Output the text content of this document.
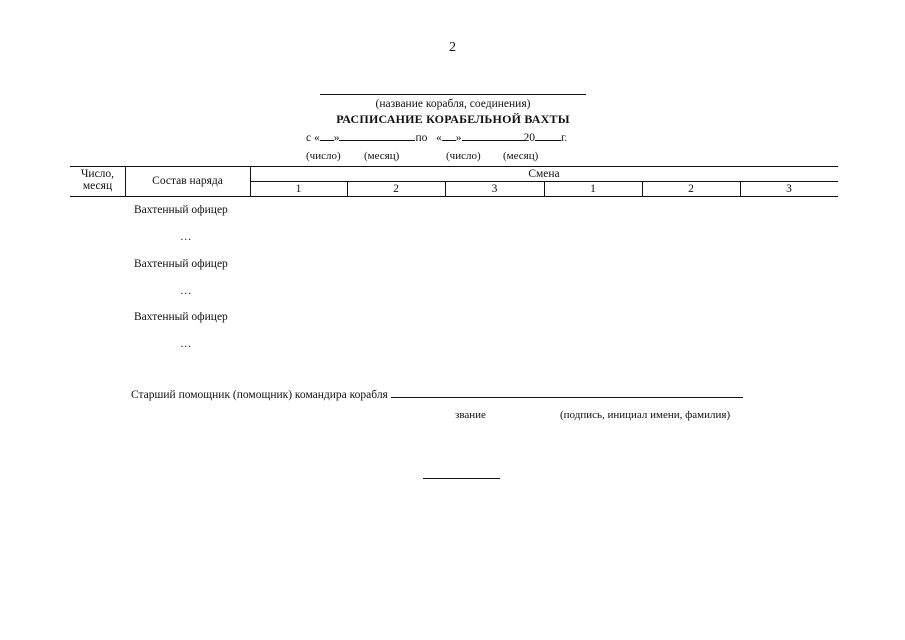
2
(название корабля, соединения)
РАСПИСАНИЕ КОРАБЕЛЬНОЙ ВАХТЫ
с « »	по « »	20 г.
(число) (месяц)	(число) (месяц)
Число,
месяц	Состав наряда
Смена
1	2	3	1	2	3
Вахтенный офицер
…
Вахтенный офицер
…
Вахтенный офицер
…
Старший помощник (помощник) командира корабля
звание	(подпись, инициал имени, фамилия)
